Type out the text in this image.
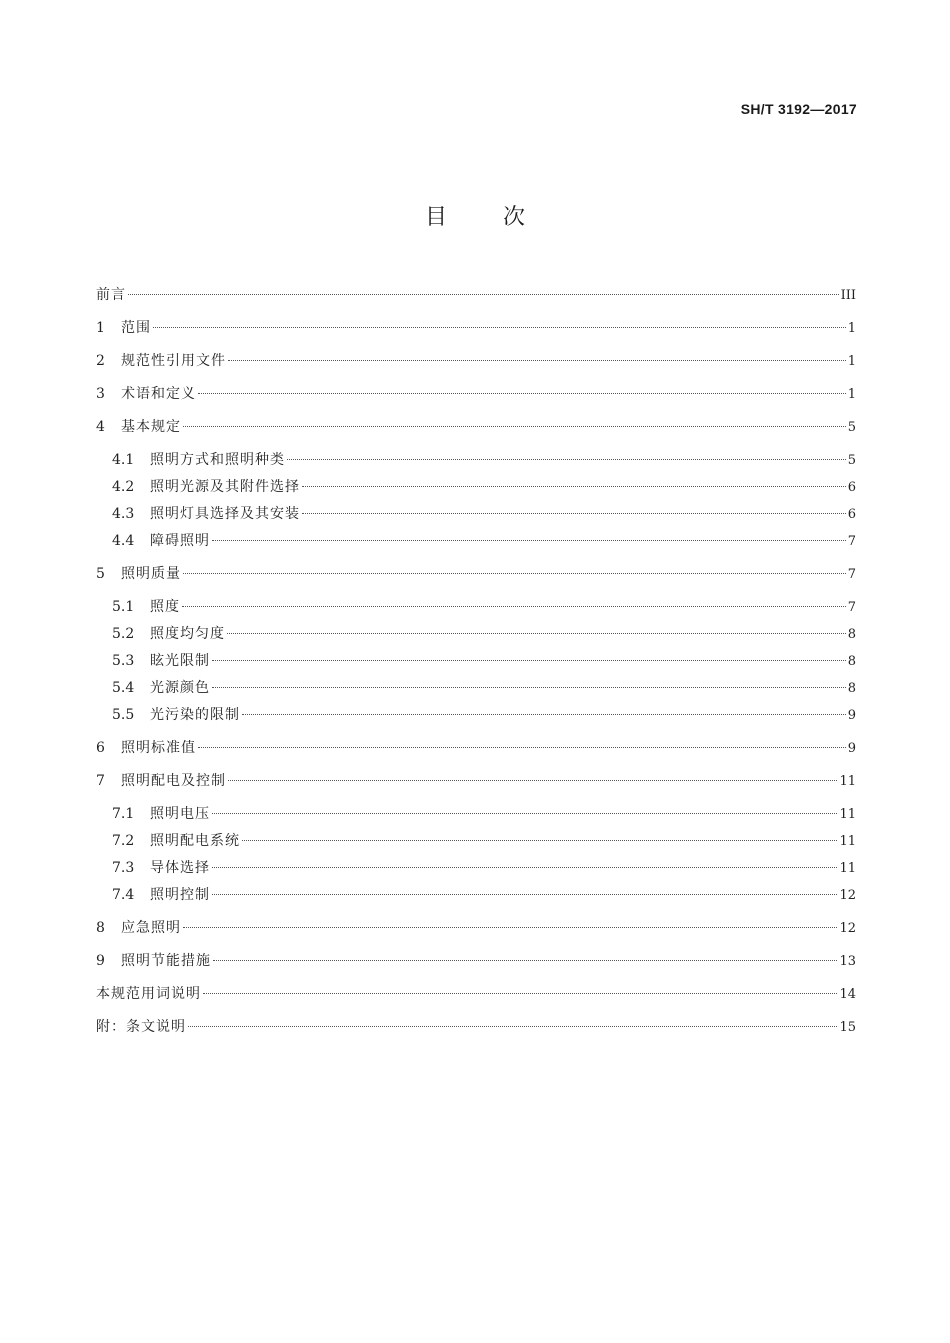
SH/T 3192—2017
目	次
前言	III
1	范围	1
2	规范性引用文件	1
3	术语和定义	1
4	基本规定	5
4.1	照明方式和照明种类	5
4.2	照明光源及其附件选择	6
4.3	照明灯具选择及其安装	6
4.4	障碍照明	7
5	照明质量	7
5.1	照度	7
5.2	照度均匀度	8
5.3	眩光限制	8
5.4	光源颜色	8
5.5	光污染的限制	9
6	照明标准值	9
7	照明配电及控制	11
7.1	照明电压	11
7.2	照明配电系统	11
7.3	导体选择	11
7.4	照明控制	12
8	应急照明	12
9	照明节能措施	13
本规范用词说明	14
附：条文说明	15
